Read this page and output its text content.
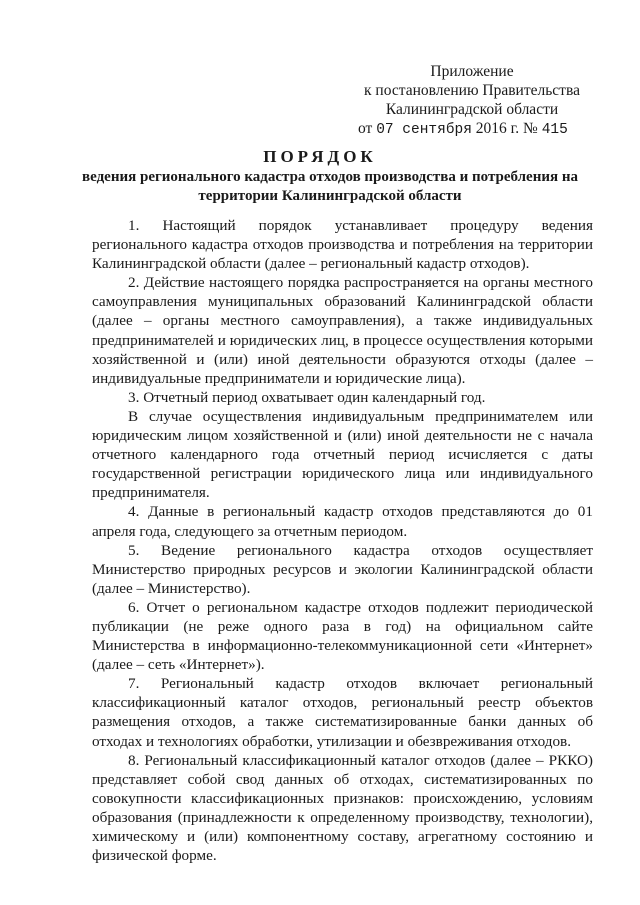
Приложение
к постановлению Правительства
Калининградской области
от 07 сентября 2016 г. № 415
ПОРЯДОК
ведения регионального кадастра отходов производства и потребления на территории Калининградской области

1. Настоящий порядок устанавливает процедуру ведения регионального кадастра отходов производства и потребления на территории Калининградской области (далее – региональный кадастр отходов).

2. Действие настоящего порядка распространяется на органы местного самоуправления муниципальных образований Калининградской области (далее – органы местного самоуправления), а также индивидуальных предпринимателей и юридических лиц, в процессе осуществления которыми хозяйственной и (или) иной деятельности образуются отходы (далее – индивидуальные предприниматели и юридические лица).

3. Отчетный период охватывает один календарный год.

В случае осуществления индивидуальным предпринимателем или юридическим лицом хозяйственной и (или) иной деятельности не с начала отчетного календарного года отчетный период исчисляется с даты государственной регистрации юридического лица или индивидуального предпринимателя.

4. Данные в региональный кадастр отходов представляются до 01 апреля года, следующего за отчетным периодом.

5. Ведение регионального кадастра отходов осуществляет Министерство природных ресурсов и экологии Калининградской области (далее – Министерство).

6. Отчет о региональном кадастре отходов подлежит периодической публикации (не реже одного раза в год) на официальном сайте Министерства в информационно-телекоммуникационной сети «Интернет» (далее – сеть «Интернет»).

7. Региональный кадастр отходов включает региональный классификационный каталог отходов, региональный реестр объектов размещения отходов, а также систематизированные банки данных об отходах и технологиях обработки, утилизации и обезвреживания отходов.

8. Региональный классификационный каталог отходов (далее – РККО) представляет собой свод данных об отходах, систематизированных по совокупности классификационных признаков: происхождению, условиям образования (принадлежности к определенному производству, технологии), химическому и (или) компонентному составу, агрегатному состоянию и физической форме.
